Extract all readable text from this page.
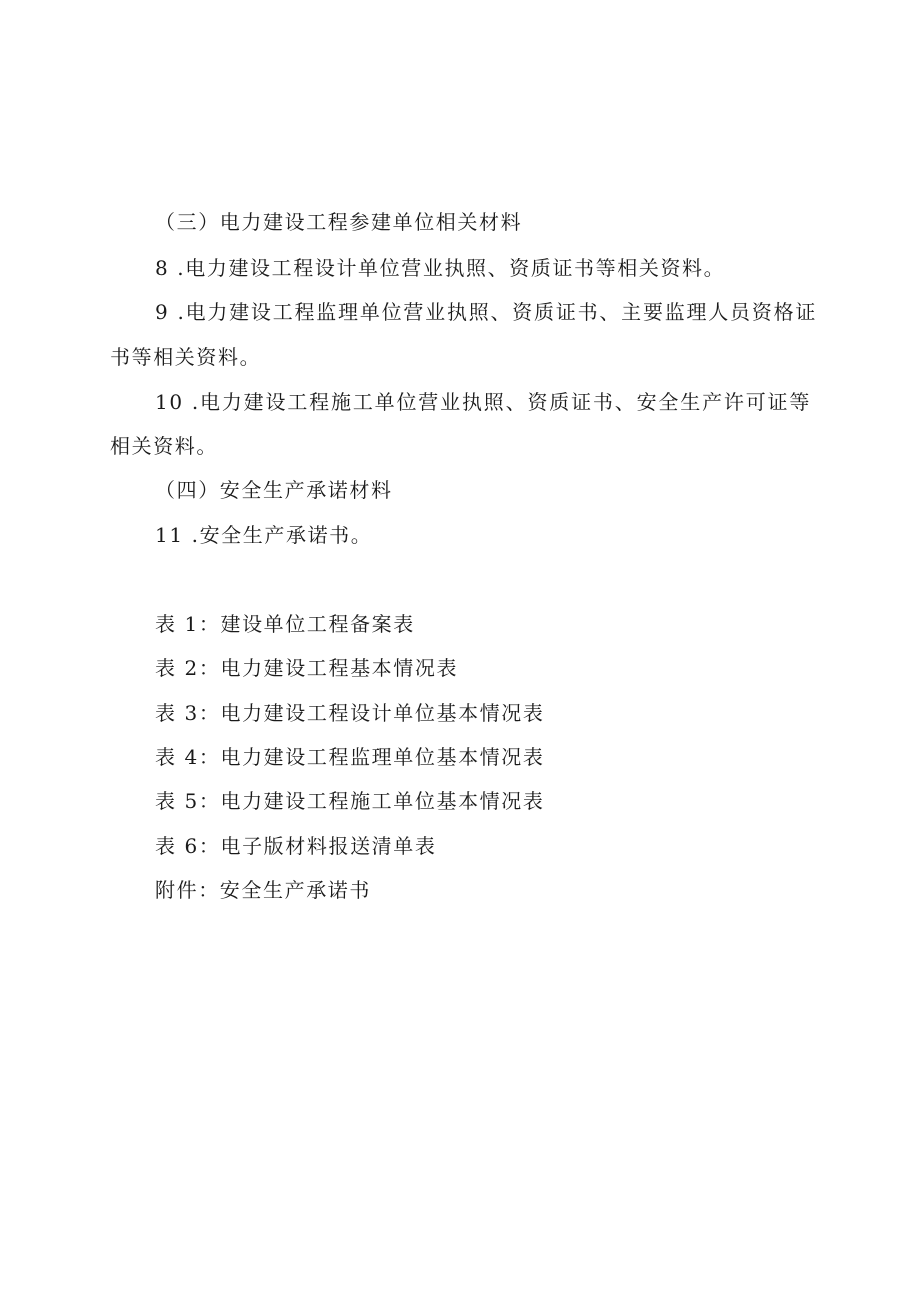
（三）电力建设工程参建单位相关材料
8 .电力建设工程设计单位营业执照、资质证书等相关资料。
9 .电力建设工程监理单位营业执照、资质证书、主要监理人员资格证
书等相关资料。
10 .电力建设工程施工单位营业执照、资质证书、安全生产许可证等
相关资料。
（四）安全生产承诺材料
11 .安全生产承诺书。
表 1：建设单位工程备案表
表 2：电力建设工程基本情况表
表 3：电力建设工程设计单位基本情况表
表 4：电力建设工程监理单位基本情况表
表 5：电力建设工程施工单位基本情况表
表 6：电子版材料报送清单表
附件：安全生产承诺书
